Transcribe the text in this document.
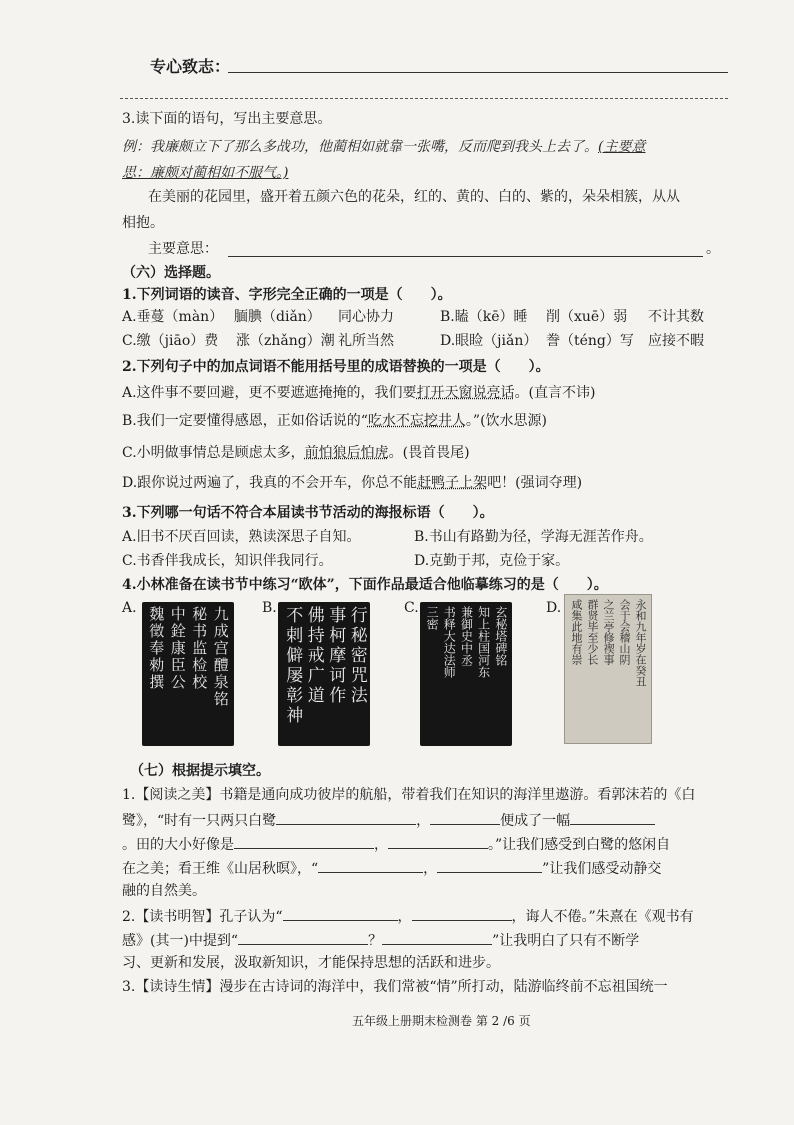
专心致志：
3.读下面的语句，写出主要意思。
例：我廉颇立下了那么多战功，他蔺相如就靠一张嘴，反而爬到我头上去了。(主要意
思：廉颇对蔺相如不服气。)
在美丽的花园里，盛开着五颜六色的花朵，红的、黄的、白的、紫的，朵朵相簇，从从
相抱。
主要意思：	。
（六）选择题。
1.下列词语的读音、字形完全正确的一项是（　　）。
A.垂蔓（màn） 腼腆（diǎn） 同心协力	B.瞌（kē）睡 削（xuē）弱 不计其数
C.缴（jiāo）费 涨（zhǎng）潮 礼所当然	D.眼睑（jiǎn） 誊（téng）写 应接不暇
2.下列句子中的加点词语不能用括号里的成语替换的一项是（　　）。
A.这件事不要回避，更不要遮遮掩掩的，我们要打开天窗说亮话。(直言不讳)
B.我们一定要懂得感恩，正如俗话说的“吃水不忘挖井人。”(饮水思源)
C.小明做事情总是顾虑太多，前怕狼后怕虎。(畏首畏尾)
D.跟你说过两遍了，我真的不会开车，你总不能赶鸭子上架吧！(强词夺理)
3.下列哪一句话不符合本届读书节活动的海报标语（　　）。
A.旧书不厌百回读，熟读深思子自知。	B.书山有路勤为径，学海无涯苦作舟。
C.书香伴我成长，知识伴我同行。	D.克勤于邦，克俭于家。
4.小林准备在读书节中练习“欧体”，下面作品最适合他临摹练习的是（　　）。
A.	九成宫醴泉铭
秘书监检校
中銓康臣公
魏徵奉勑撰	B.	行秘密咒法
事柯摩诃作
佛持戒广道
不剌僻屡彰神	C.	玄秘塔碑铭
知上柱国河东
兼御史中丞
书释大达法师
三密	D.	永和九年岁在癸丑
会于会稽山阴
之兰亭修禊事
群贤毕至少长
咸集此地有崇
（七）根据提示填空。
1.【阅读之美】书籍是通向成功彼岸的航船，带着我们在知识的海洋里遨游。看郭沫若的《白
鹭》，“时有一只两只白鹭	，	便成了一幅
。田的大小好像是	，	。”让我们感受到白鹭的悠闲自
在之美；看王维《山居秋暝》，“	，	”让我们感受动静交
融的自然美。
2.【读书明智】孔子认为“	，	，诲人不倦。”朱熹在《观书有
感》(其一)中提到“	？	”让我明白了只有不断学
习、更新和发展，汲取新知识，才能保持思想的活跃和进步。
3.【读诗生情】漫步在古诗词的海洋中，我们常被“情”所打动，陆游临终前不忘祖国统一
五年级上册期末检测卷 第 2 /6 页
